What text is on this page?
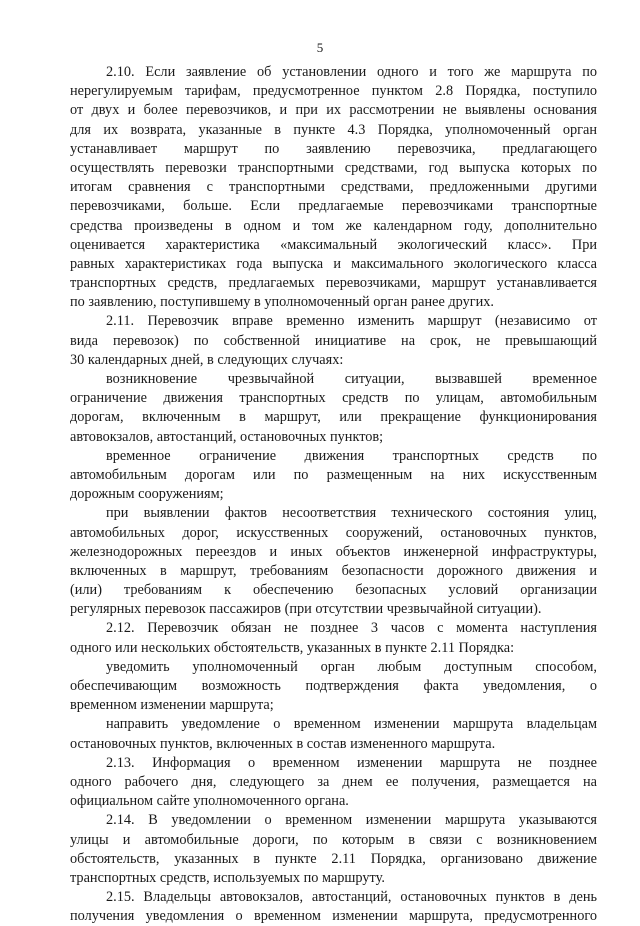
5
2.10. Если заявление об установлении одного и того же маршрута по
нерегулируемым тарифам, предусмотренное пунктом 2.8 Порядка, поступило
от двух и более перевозчиков, и при их рассмотрении не выявлены основания
для их возврата, указанные в пункте 4.3 Порядка, уполномоченный орган
устанавливает маршрут по заявлению перевозчика, предлагающего
осуществлять перевозки транспортными средствами, год выпуска которых по
итогам сравнения с транспортными средствами, предложенными другими
перевозчиками, больше. Если предлагаемые перевозчиками транспортные
средства произведены в одном и том же календарном году, дополнительно
оценивается характеристика «максимальный экологический класс». При
равных характеристиках года выпуска и максимального экологического класса
транспортных средств, предлагаемых перевозчиками, маршрут устанавливается
по заявлению, поступившему в уполномоченный орган ранее других.
2.11. Перевозчик вправе временно изменить маршрут (независимо от
вида перевозок) по собственной инициативе на срок, не превышающий
30 календарных дней, в следующих случаях:
возникновение чрезвычайной ситуации, вызвавшей временное
ограничение движения транспортных средств по улицам, автомобильным
дорогам, включенным в маршрут, или прекращение функционирования
автовокзалов, автостанций, остановочных пунктов;
временное ограничение движения транспортных средств по
автомобильным дорогам или по размещенным на них искусственным
дорожным сооружениям;
при выявлении фактов несоответствия технического состояния улиц,
автомобильных дорог, искусственных сооружений, остановочных пунктов,
железнодорожных переездов и иных объектов инженерной инфраструктуры,
включенных в маршрут, требованиям безопасности дорожного движения и
(или) требованиям к обеспечению безопасных условий организации
регулярных перевозок пассажиров (при отсутствии чрезвычайной ситуации).
2.12. Перевозчик обязан не позднее 3 часов с момента наступления
одного или нескольких обстоятельств, указанных в пункте 2.11 Порядка:
уведомить уполномоченный орган любым доступным способом,
обеспечивающим возможность подтверждения факта уведомления, о
временном изменении маршрута;
направить уведомление о временном изменении маршрута владельцам
остановочных пунктов, включенных в состав измененного маршрута.
2.13. Информация о временном изменении маршрута не позднее
одного рабочего дня, следующего за днем ее получения, размещается на
официальном сайте уполномоченного органа.
2.14. В уведомлении о временном изменении маршрута указываются
улицы и автомобильные дороги, по которым в связи с возникновением
обстоятельств, указанных в пункте 2.11 Порядка, организовано движение
транспортных средств, используемых по маршруту.
2.15. Владельцы автовокзалов, автостанций, остановочных пунктов в день
получения уведомления о временном изменении маршрута, предусмотренного
